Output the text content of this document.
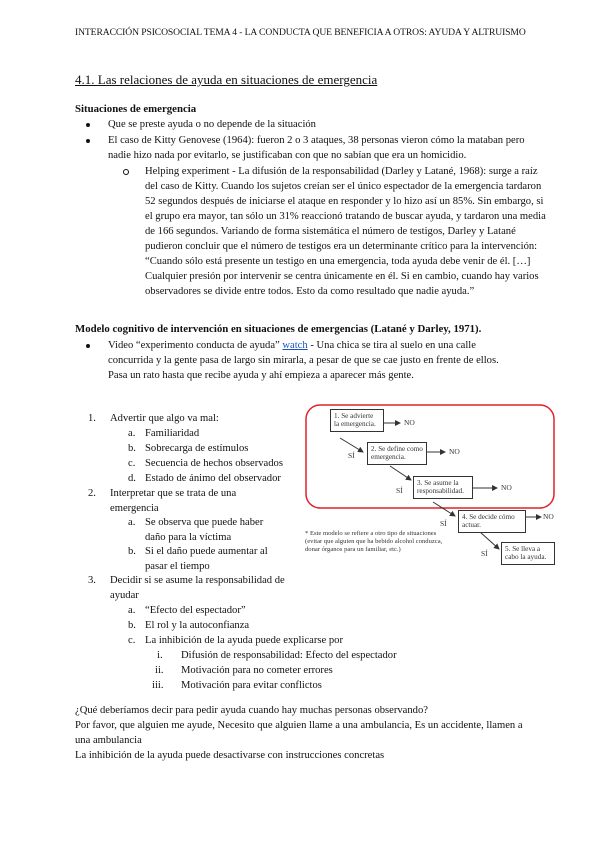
INTERACCIÓN PSICOSOCIAL TEMA 4 - LA CONDUCTA QUE BENEFICIA A OTROS: AYUDA Y ALTRUISMO
4.1. Las relaciones de ayuda en situaciones de emergencia
Situaciones de emergencia
Que se preste ayuda o no depende de la situación
El caso de Kitty Genovese (1964): fueron 2 o 3 ataques, 38 personas vieron cómo la mataban pero nadie hizo nada por evitarlo, se justificaban con que no sabían que era un homicidio.
Helping experiment - La difusión de la responsabilidad (Darley y Latané, 1968): surge a raíz del caso de Kitty. Cuando los sujetos creían ser el único espectador de la emergencia tardaron 52 segundos después de iniciarse el ataque en responder y lo hizo así un 85%. Sin embargo, si el grupo era mayor, tan sólo un 31% reaccionó tratando de buscar ayuda, y tardaron una media de 166 segundos. Variando de forma sistemática el número de testigos, Darley y Latané pudieron concluir que el número de testigos era un determinante crítico para la intervención: “Cuando sólo está presente un testigo en una emergencia, toda ayuda debe venir de él. […] Cualquier presión por intervenir se centra únicamente en él. Si en cambio, cuando hay varios observadores se divide entre todos. Esto da como resultado que nadie ayuda.”
Modelo cognitivo de intervención en situaciones de emergencias (Latané y Darley, 1971).
Video “experimento conducta de ayuda” watch - Una chica se tira al suelo en una calle concurrida y la gente pasa de largo sin mirarla, a pesar de que se cae justo en frente de ellos. Pasa un rato hasta que recibe ayuda y ahí empieza a aparecer más gente.
1. Advertir que algo va mal:
a. Familiaridad
b. Sobrecarga de estímulos
c. Secuencia de hechos observados
d. Estado de ánimo del observador
2. Interpretar que se trata de una emergencia
a. Se observa que puede haber daño para la víctima
b. Si el daño puede aumentar al pasar el tiempo
3. Decidir si se asume la responsabilidad de ayudar
a. “Efecto del espectador”
b. El rol y la autoconfianza
c. La inhibición de la ayuda puede explicarse por
i. Difusión de responsabilidad: Efecto del espectador
ii. Motivación para no cometer errores
iii. Motivación para evitar conflictos
1. Se advierte la emergencia.	NO
SÍ
2. Se define como emergencia.
NO
SÍ
3. Se asume la responsabilidad.	NO
SÍ
4. Se decide cómo actuar.
NO
SÍ	5. Se lleva a cabo la ayuda.
* Este modelo se refiere a otro tipo de situaciones (evitar que alguien que ha bebido alcohol conduzca, donar órganos para un familiar, etc.)
¿Qué deberíamos decir para pedir ayuda cuando hay muchas personas observando?
Por favor, que alguien me ayude, Necesito que alguien llame a una ambulancia, Es un accidente, llamen a una ambulancia
La inhibición de la ayuda puede desactivarse con instrucciones concretas
